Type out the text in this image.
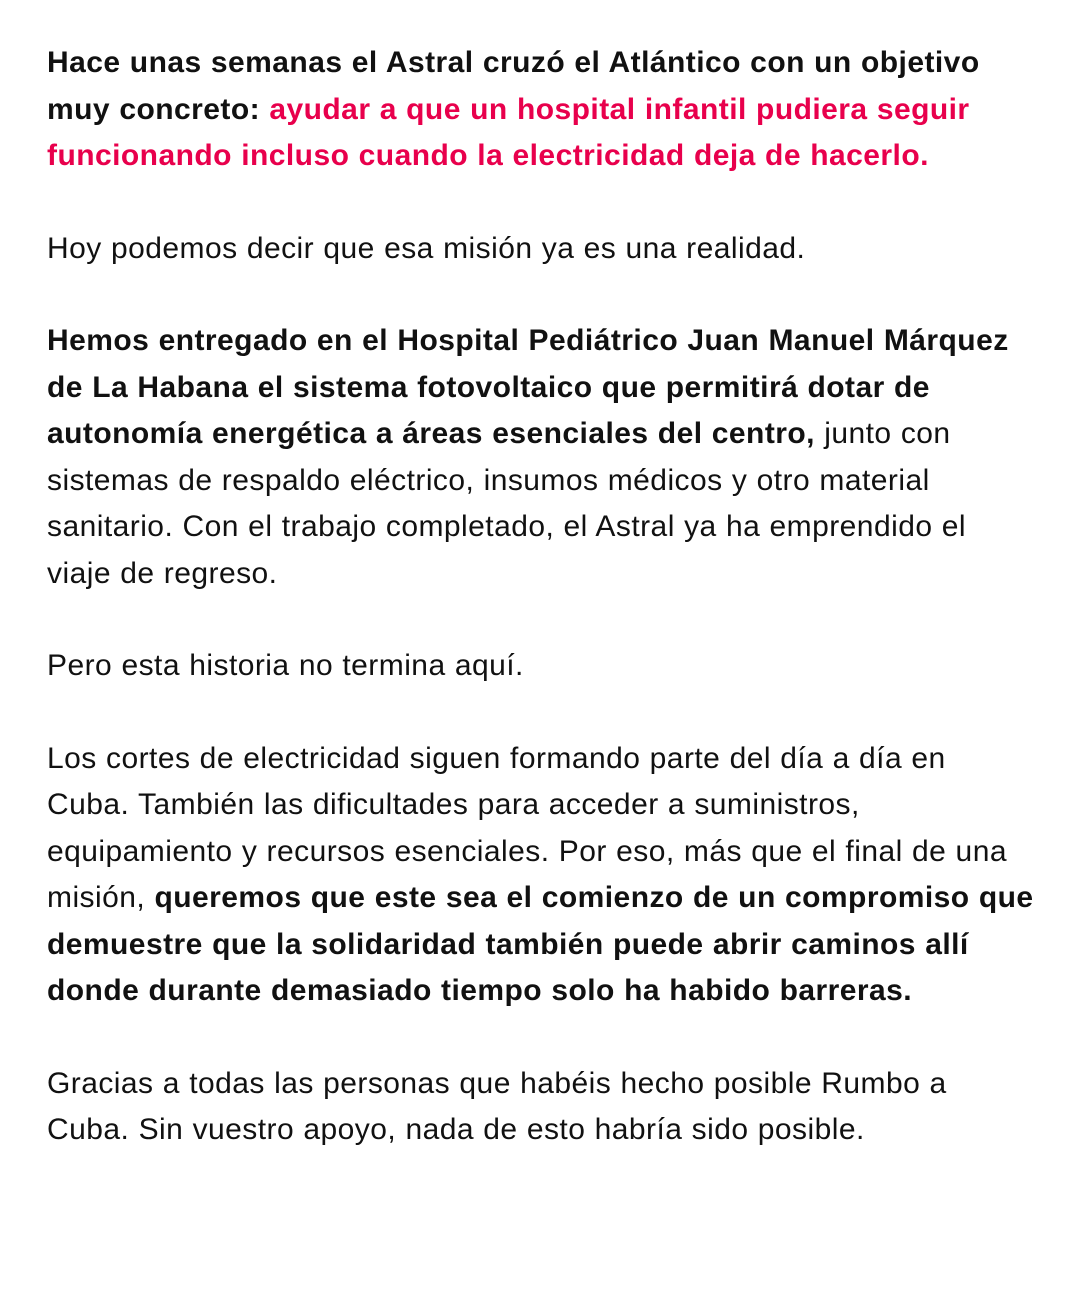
Hace unas semanas el Astral cruzó el Atlántico con un objetivo muy concreto: ayudar a que un hospital infantil pudiera seguir funcionando incluso cuando la electricidad deja de hacerlo.

Hoy podemos decir que esa misión ya es una realidad.

Hemos entregado en el Hospital Pediátrico Juan Manuel Márquez de La Habana el sistema fotovoltaico que permitirá dotar de autonomía energética a áreas esenciales del centro, junto con sistemas de respaldo eléctrico, insumos médicos y otro material sanitario. Con el trabajo completado, el Astral ya ha emprendido el viaje de regreso.

Pero esta historia no termina aquí.

Los cortes de electricidad siguen formando parte del día a día en Cuba. También las dificultades para acceder a suministros, equipamiento y recursos esenciales. Por eso, más que el final de una misión, queremos que este sea el comienzo de un compromiso que demuestre que la solidaridad también puede abrir caminos allí donde durante demasiado tiempo solo ha habido barreras.

Gracias a todas las personas que habéis hecho posible Rumbo a Cuba. Sin vuestro apoyo, nada de esto habría sido posible.
